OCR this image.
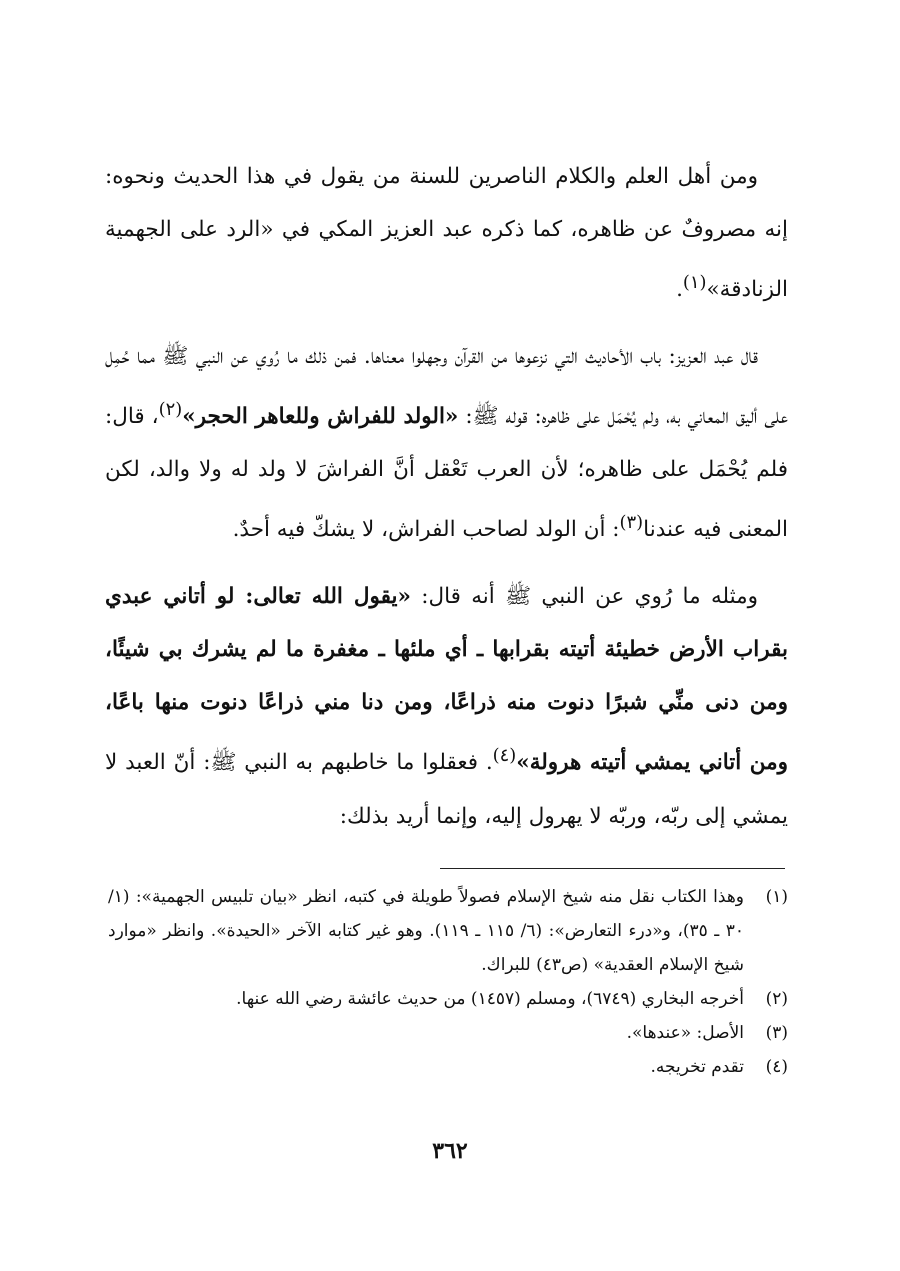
ومن أهل العلم والكلام الناصرين للسنة من يقول في هذا الحديث ونحوه: إنه مصروفٌ عن ظاهره، كما ذكره عبد العزيز المكي في «الرد على الجهمية الزنادقة»$^{(١)}$.

قال عبد العزيز: باب الأحاديث التي نزعوها من القرآن وجهلوا معناها. فمن ذلك ما رُوي عن النبي ﷺ مما حُمِل على أليق المعاني به، ولم يُحْمَل على ظاهره: قوله ﷺ: «الولد للفراش وللعاهر الحجر»$^{(٢)}$، قال: فلم يُحْمَل على ظاهره؛ لأن العرب تَعْقل أنَّ الفراشَ لا ولد له ولا والد، لكن المعنى فيه عندنا$^{(٣)}$: أن الولد لصاحب الفراش، لا يشكّ فيه أحدٌ.

ومثله ما رُوي عن النبي ﷺ أنه قال: «يقول الله تعالى: لو أتاني عبدي بقراب الأرض خطيئة أتيته بقرابها ـ أي ملئها ـ مغفرة ما لم يشرك بي شيئًا، ومن دنى منِّي شبرًا دنوت منه ذراعًا، ومن دنا مني ذراعًا دنوت منها باعًا، ومن أتاني يمشي أتيته هرولة»$^{(٤)}$. فعقلوا ما خاطبهم به النبي ﷺ: أنّ العبد لا يمشي إلى ربّه، وربّه لا يهرول إليه، وإنما أريد بذلك:

(١)
وهذا الكتاب نقل منه شيخ الإسلام فصولاً طويلة في كتبه، انظر «بيان تلبيس الجهمية»: (١/ ٣٠ ـ ٣٥)، و«درء التعارض»: (٦/ ١١٥ ـ ١١٩). وهو غير كتابه الآخر «الحيدة». وانظر «موارد شيخ الإسلام العقدية» (ص٤٣) للبراك.
(٢)
أخرجه البخاري (٦٧٤٩)، ومسلم (١٤٥٧) من حديث عائشة رضي الله عنها.
(٣)
الأصل: «عندها».
(٤)
تقدم تخريجه.
٣٦٢
